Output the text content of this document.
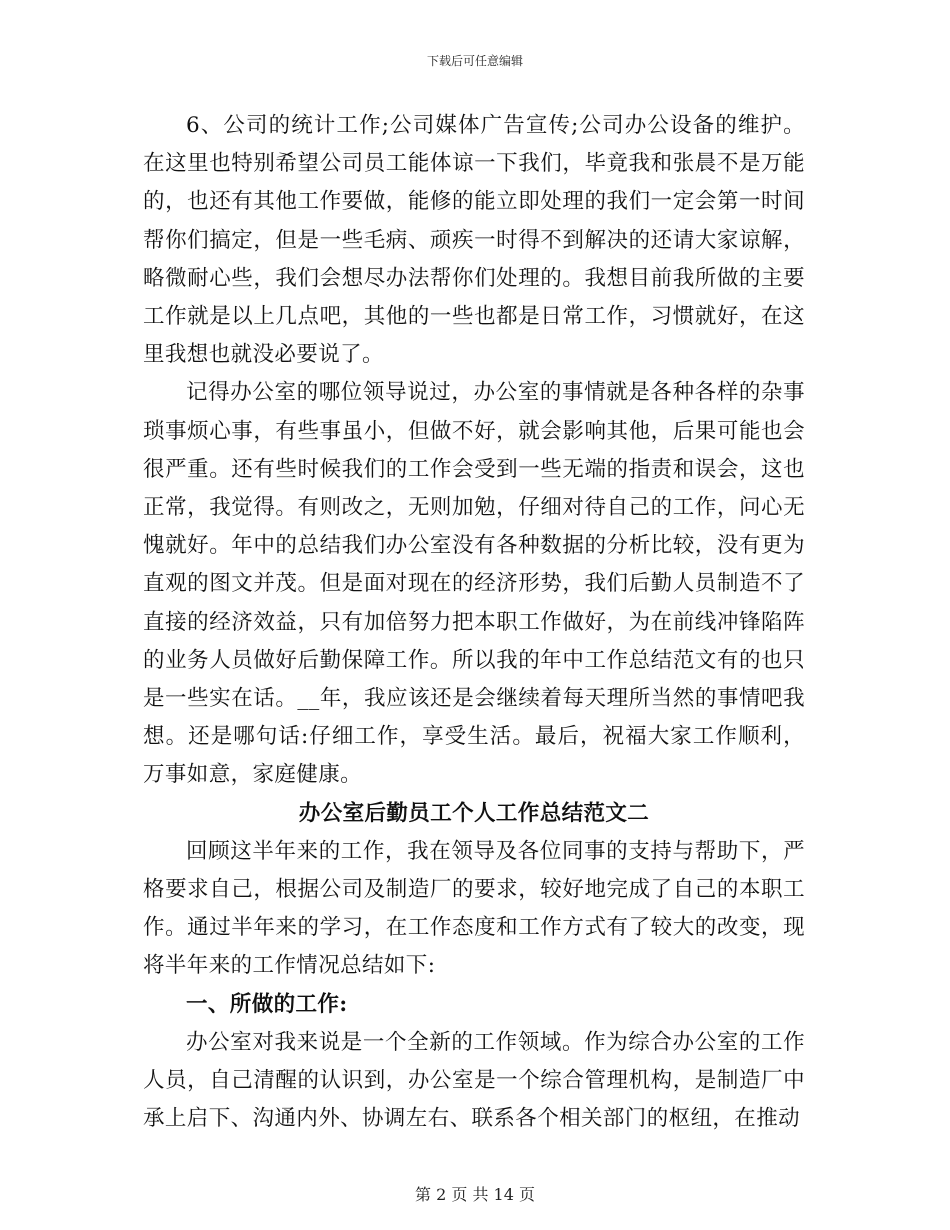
下载后可任意编辑

6、公司的统计工作;公司媒体广告宣传;公司办公设备的维护。在这里也特别希望公司员工能体谅一下我们，毕竟我和张晨不是万能的，也还有其他工作要做，能修的能立即处理的我们一定会第一时间帮你们搞定，但是一些毛病、顽疾一时得不到解决的还请大家谅解，略微耐心些，我们会想尽办法帮你们处理的。我想目前我所做的主要工作就是以上几点吧，其他的一些也都是日常工作，习惯就好，在这里我想也就没必要说了。

记得办公室的哪位领导说过，办公室的事情就是各种各样的杂事琐事烦心事，有些事虽小，但做不好，就会影响其他，后果可能也会很严重。还有些时候我们的工作会受到一些无端的指责和误会，这也正常，我觉得。有则改之，无则加勉，仔细对待自己的工作，问心无愧就好。年中的总结我们办公室没有各种数据的分析比较，没有更为直观的图文并茂。但是面对现在的经济形势，我们后勤人员制造不了直接的经济效益，只有加倍努力把本职工作做好，为在前线冲锋陷阵的业务人员做好后勤保障工作。所以我的年中工作总结范文有的也只是一些实在话。__年，我应该还是会继续着每天理所当然的事情吧我想。还是哪句话:仔细工作，享受生活。最后，祝福大家工作顺利，万事如意，家庭健康。

办公室后勤员工个人工作总结范文二

回顾这半年来的工作，我在领导及各位同事的支持与帮助下，严格要求自己，根据公司及制造厂的要求，较好地完成了自己的本职工作。通过半年来的学习，在工作态度和工作方式有了较大的改变，现将半年来的工作情况总结如下:

一、所做的工作:

办公室对我来说是一个全新的工作领域。作为综合办公室的工作人员，自己清醒的认识到，办公室是一个综合管理机构，是制造厂中承上启下、沟通内外、协调左右、联系各个相关部门的枢纽，在推动

第 2 页 共 14 页
